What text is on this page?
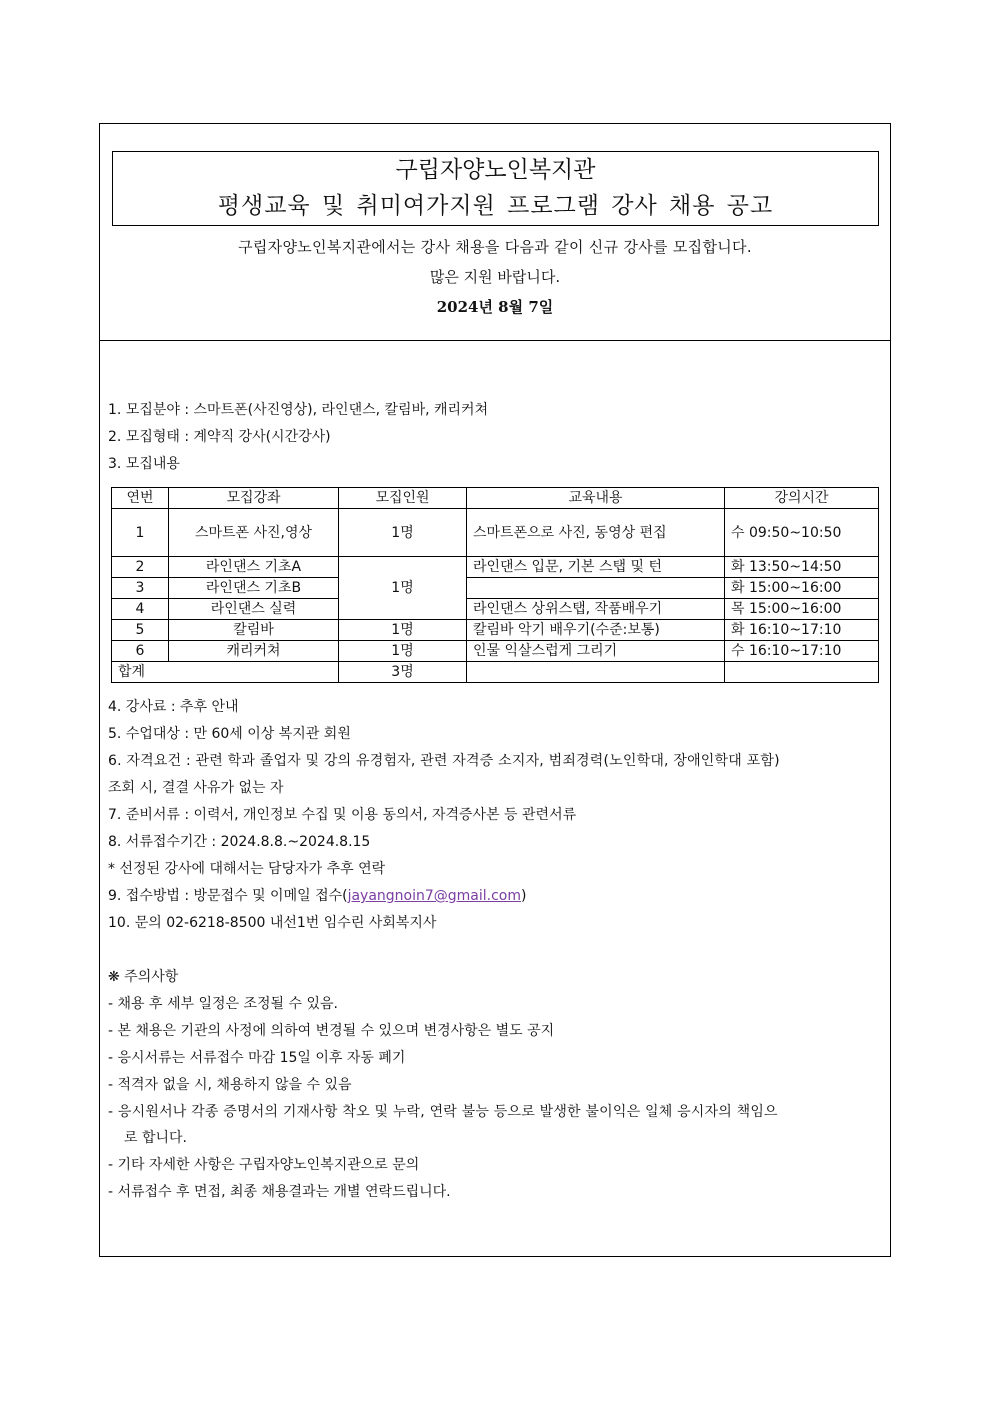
구립자양노인복지관
평생교육 및 취미여가지원 프로그램 강사 채용 공고
구립자양노인복지관에서는 강사 채용을 다음과 같이 신규 강사를 모집합니다.
많은 지원 바랍니다.
2024년 8월 7일
1. 모집분야 : 스마트폰(사진영상), 라인댄스, 칼림바, 캐리커쳐
2. 모집형태 : 계약직 강사(시간강사)
3. 모집내용
연번	모집강좌	모집인원	교육내용	강의시간
1	스마트폰 사진,영상	1명	스마트폰으로 사진, 동영상 편집	수 09:50~10:50
2	라인댄스 기초A	1명	라인댄스 입문, 기본 스탭 및 턴	화 13:50~14:50
3	라인댄스 기초B			화 15:00~16:00
4	라인댄스 실력		라인댄스 상위스탭, 작품배우기	목 15:00~16:00
5	칼림바	1명	칼림바 악기 배우기(수준:보통)	화 16:10~17:10
6	캐리커쳐	1명	인물 익살스럽게 그리기	수 16:10~17:10
합계		3명		
4. 강사료 : 추후 안내
5. 수업대상 : 만 60세 이상 복지관 회원
6. 자격요건 : 관련 학과 졸업자 및 강의 유경험자, 관련 자격증 소지자, 범죄경력(노인학대, 장애인학대 포함)
조회 시, 결결 사유가 없는 자
7. 준비서류 : 이력서, 개인정보 수집 및 이용 동의서, 자격증사본 등 관련서류
8. 서류접수기간 : 2024.8.8.~2024.8.15
* 선정된 강사에 대해서는 담당자가 추후 연락
9. 접수방법 : 방문접수 및 이메일 접수(jayangnoin7@gmail.com)
10. 문의 02-6218-8500 내선1번 임수린 사회복지사
❋ 주의사항
- 채용 후 세부 일정은 조정될 수 있음.
- 본 채용은 기관의 사정에 의하여 변경될 수 있으며 변경사항은 별도 공지
- 응시서류는 서류접수 마감 15일 이후 자동 폐기
- 적격자 없을 시, 채용하지 않을 수 있음
- 응시원서나 각종 증명서의 기재사항 착오 및 누락, 연락 불능 등으로 발생한 불이익은 일체 응시자의 책임으
로 합니다.
- 기타 자세한 사항은 구립자양노인복지관으로 문의
- 서류접수 후 면접, 최종 채용결과는 개별 연락드립니다.
